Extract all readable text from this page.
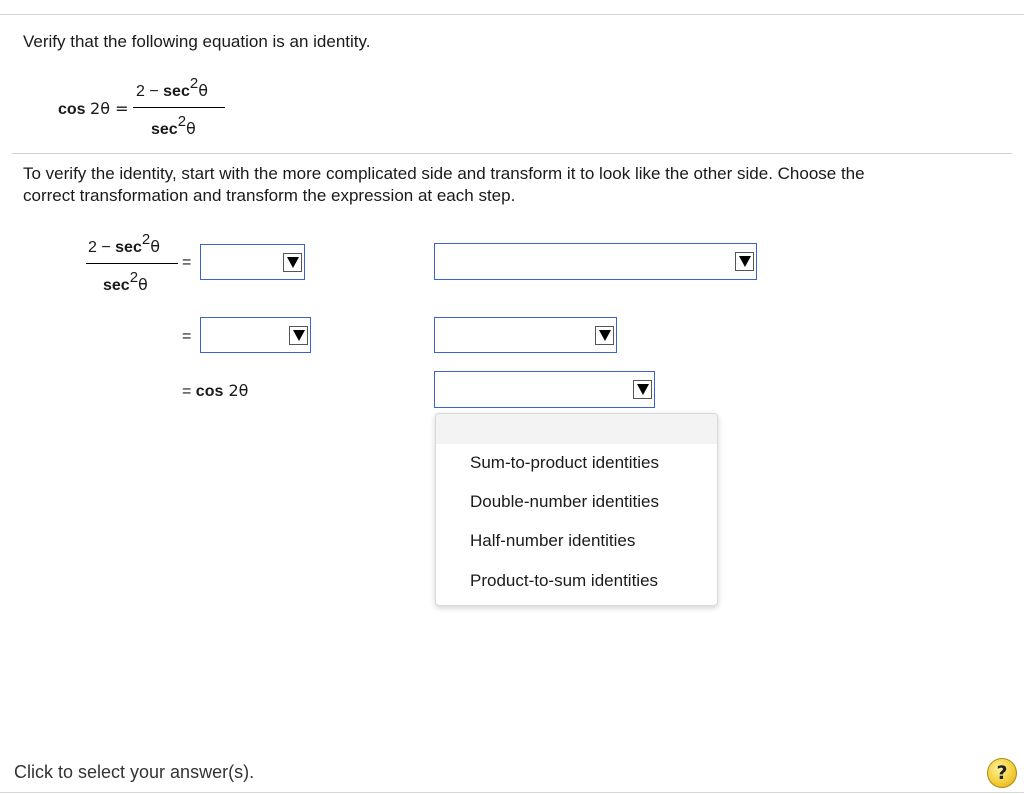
Verify that the following equation is an identity.
cos 2θ =
2 − sec2θ
sec2θ
To verify the identity, start with the more complicated side and transform it to look like the other side. Choose the
correct transformation and transform the expression at each step.
2 − sec2θ
sec2θ
=
=
= cos 2θ
Sum-to-product identities
Double-number identities
Half-number identities
Product-to-sum identities
Click to select your answer(s).	?
